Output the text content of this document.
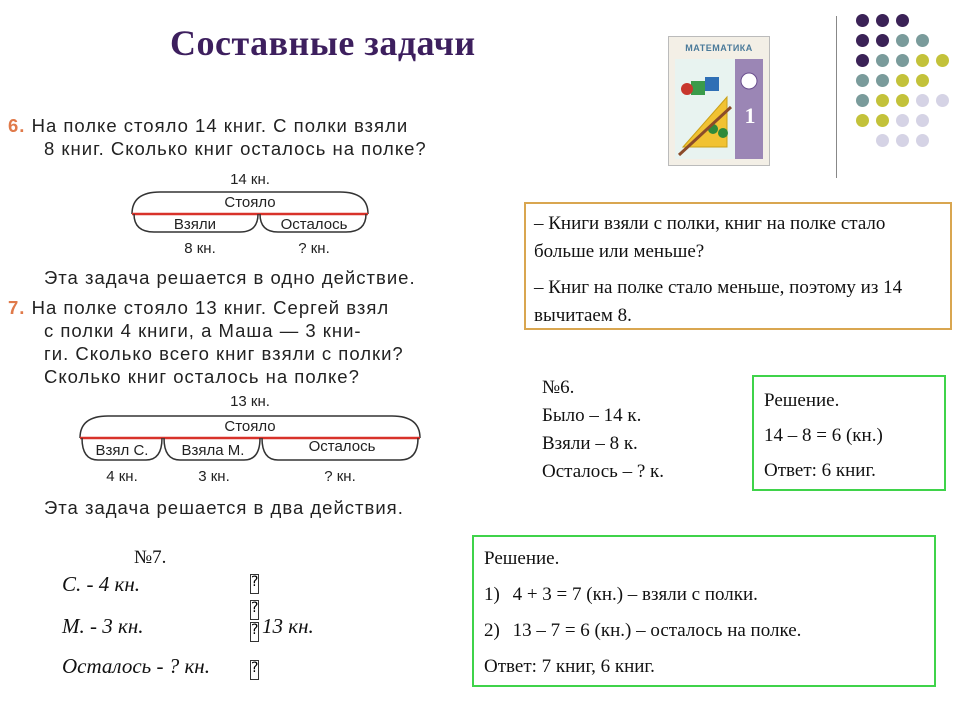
Составные задачи	МАТЕМАТИКА
1
6. На полке стояло 14 книг. С полки взяли
8 книг. Сколько книг осталось на полке?
14 кн.
Стояло
Взяли	Осталось
8 кн.	? кн.
Эта задача решается в одно действие.
7. На полке стояло 13 книг. Сергей взял
с полки 4 книги, а Маша — 3 кни-
ги. Сколько всего книг взяли с полки?
Сколько книг осталось на полке?
13 кн.
Стояло
Взял С.	Взяла М.	Осталось
4 кн.	3 кн.	? кн.
Эта задача решается в два действия.
– Книги взяли с полки, книг на полке стало больше или меньше?
– Книг на полке стало меньше, поэтому из 14 вычитаем 8.
№6.
Было – 14 к.
Взяли – 8 к.
Осталось – ? к.
Решение.
14 – 8 = 6 (кн.)
Ответ: 6 книг.
№7.
С. - 4 кн.
М. - 3 кн.
Осталось - ? кн.
?
?
?
?
13 кн.
Решение.
1) 4 + 3 = 7 (кн.) – взяли с полки.
2) 13 – 7 = 6 (кн.) – осталось на полке.
Ответ: 7 книг, 6 книг.
